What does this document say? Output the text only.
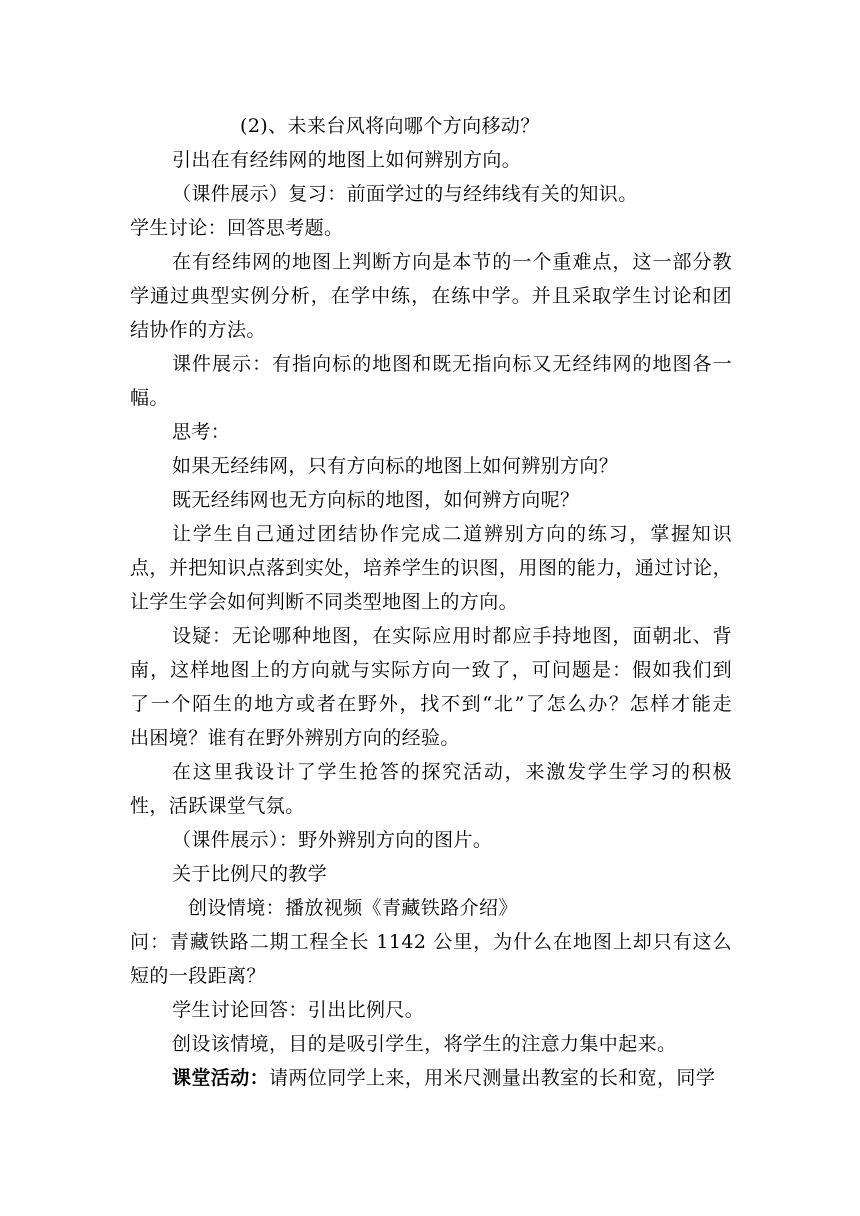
(2)、未来台风将向哪个方向移动？
引出在有经纬网的地图上如何辨别方向。
（课件展示）复习：前面学过的与经纬线有关的知识。
学生讨论：回答思考题。
在有经纬网的地图上判断方向是本节的一个重难点，这一部分教
学通过典型实例分析，在学中练，在练中学。并且采取学生讨论和团
结协作的方法。
课件展示：有指向标的地图和既无指向标又无经纬网的地图各一
幅。
思考：
如果无经纬网，只有方向标的地图上如何辨别方向？
既无经纬网也无方向标的地图，如何辨方向呢？
让学生自己通过团结协作完成二道辨别方向的练习，掌握知识
点，并把知识点落到实处，培养学生的识图，用图的能力，通过讨论，
让学生学会如何判断不同类型地图上的方向。
设疑：无论哪种地图，在实际应用时都应手持地图，面朝北、背
南，这样地图上的方向就与实际方向一致了，可问题是：假如我们到
了一个陌生的地方或者在野外，找不到“北”了怎么办？怎样才能走
出困境？谁有在野外辨别方向的经验。
在这里我设计了学生抢答的探究活动，来激发学生学习的积极
性，活跃课堂气氛。
（课件展示）：野外辨别方向的图片。
关于比例尺的教学
创设情境：播放视频《青藏铁路介绍》
问：青藏铁路二期工程全长 1142 公里，为什么在地图上却只有这么
短的一段距离？
学生讨论回答：引出比例尺。
创设该情境，目的是吸引学生，将学生的注意力集中起来。
课堂活动：请两位同学上来，用米尺测量出教室的长和宽，同学
